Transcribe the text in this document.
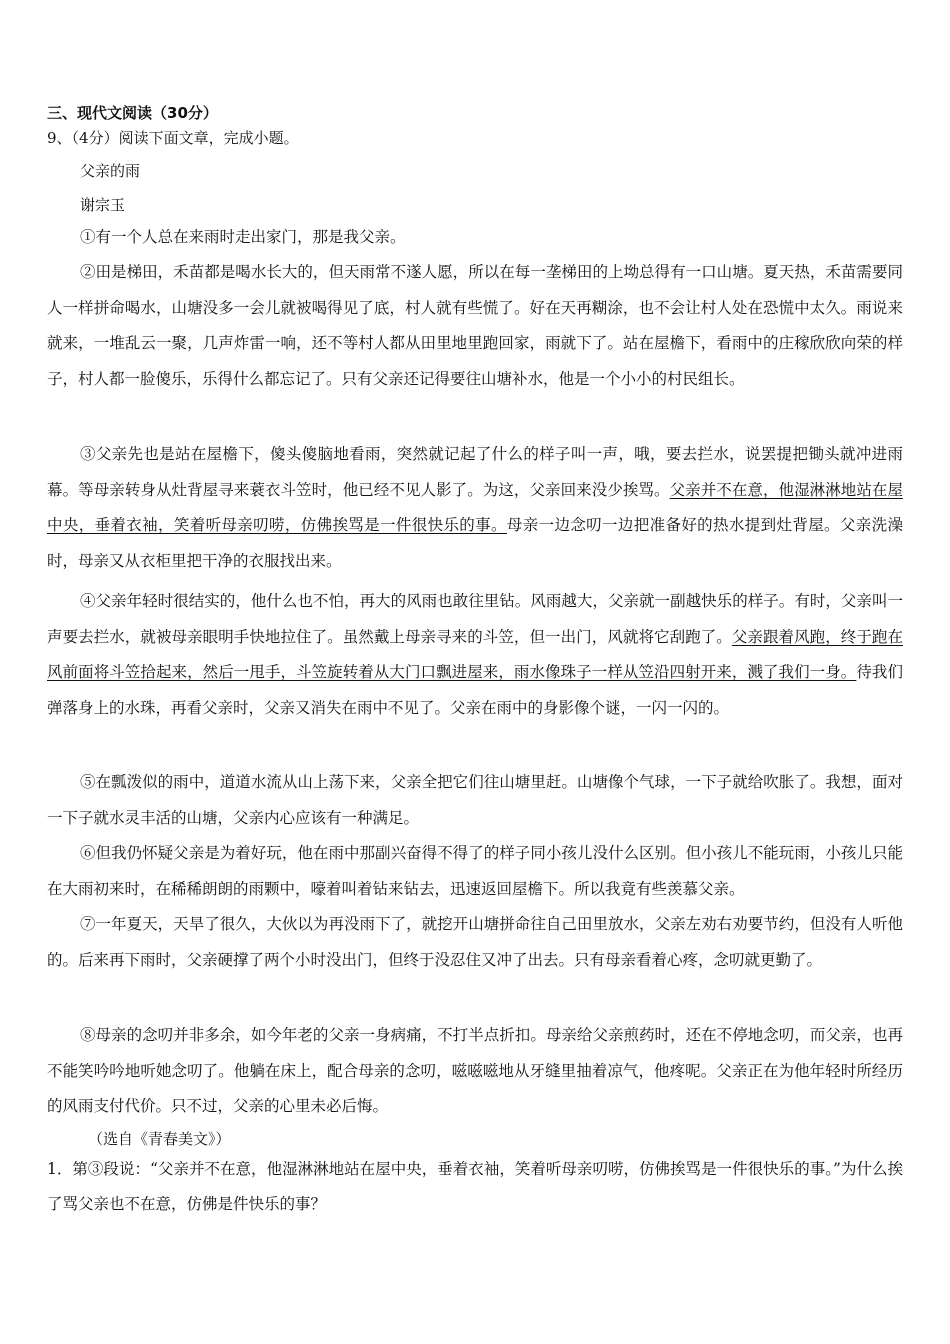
三、现代文阅读（30分）
9、（4分）阅读下面文章，完成小题。
父亲的雨
谢宗玉

①有一个人总在来雨时走出家门，那是我父亲。

②田是梯田，禾苗都是喝水长大的，但天雨常不遂人愿，所以在每一垄梯田的上坳总得有一口山塘。夏天热，禾苗需要同人一样拼命喝水，山塘没多一会儿就被喝得见了底，村人就有些慌了。好在天再糊涂，也不会让村人处在恐慌中太久。雨说来就来，一堆乱云一聚，几声炸雷一响，还不等村人都从田里地里跑回家，雨就下了。站在屋檐下，看雨中的庄稼欣欣向荣的样子，村人都一脸傻乐，乐得什么都忘记了。只有父亲还记得要往山塘补水，他是一个小小的村民组长。

③父亲先也是站在屋檐下，傻头傻脑地看雨，突然就记起了什么的样子叫一声，哦，要去拦水，说罢提把锄头就冲进雨幕。等母亲转身从灶背屋寻来蓑衣斗笠时，他已经不见人影了。为这，父亲回来没少挨骂。父亲并不在意，他湿淋淋地站在屋中央，垂着衣袖，笑着听母亲叨唠，仿佛挨骂是一件很快乐的事。母亲一边念叨一边把准备好的热水提到灶背屋。父亲洗澡时，母亲又从衣柜里把干净的衣服找出来。

④父亲年轻时很结实的，他什么也不怕，再大的风雨也敢往里钻。风雨越大，父亲就一副越快乐的样子。有时，父亲叫一声要去拦水，就被母亲眼明手快地拉住了。虽然戴上母亲寻来的斗笠，但一出门，风就将它刮跑了。父亲跟着风跑，终于跑在风前面将斗笠拾起来，然后一甩手，斗笠旋转着从大门口飘进屋来，雨水像珠子一样从笠沿四射开来，溅了我们一身。待我们弹落身上的水珠，再看父亲时，父亲又消失在雨中不见了。父亲在雨中的身影像个谜，一闪一闪的。

⑤在瓢泼似的雨中，道道水流从山上荡下来，父亲全把它们往山塘里赶。山塘像个气球，一下子就给吹胀了。我想，面对一下子就水灵丰活的山塘，父亲内心应该有一种满足。

⑥但我仍怀疑父亲是为着好玩，他在雨中那副兴奋得不得了的样子同小孩儿没什么区别。但小孩儿不能玩雨，小孩儿只能在大雨初来时，在稀稀朗朗的雨颗中，嚎着叫着钻来钻去，迅速返回屋檐下。所以我竟有些羡慕父亲。

⑦一年夏天，天旱了很久，大伙以为再没雨下了，就挖开山塘拼命往自己田里放水，父亲左劝右劝要节约，但没有人听他的。后来再下雨时，父亲硬撑了两个小时没出门，但终于没忍住又冲了出去。只有母亲看着心疼，念叨就更勤了。

⑧母亲的念叨并非多余，如今年老的父亲一身病痛，不打半点折扣。母亲给父亲煎药时，还在不停地念叨，而父亲，也再不能笑吟吟地听她念叨了。他躺在床上，配合母亲的念叨，嗞嗞嗞地从牙缝里抽着凉气，他疼呢。父亲正在为他年轻时所经历的风雨支付代价。只不过，父亲的心里未必后悔。

（选自《青春美文》）

1．第③段说：“父亲并不在意，他湿淋淋地站在屋中央，垂着衣袖，笑着听母亲叨唠，仿佛挨骂是一件很快乐的事。”为什么挨了骂父亲也不在意，仿佛是件快乐的事？
